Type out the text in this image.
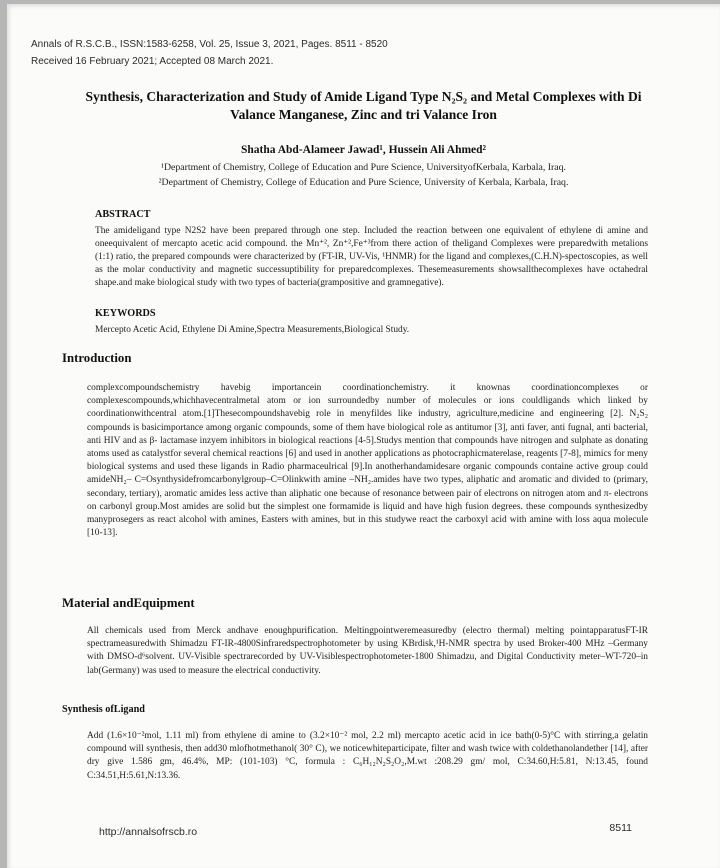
Annals of R.S.C.B., ISSN:1583-6258, Vol. 25, Issue 3, 2021, Pages. 8511 - 8520
Received 16 February 2021; Accepted 08 March 2021.
Synthesis, Characterization and Study of Amide Ligand Type N₂S₂ and Metal Complexes with Di Valance Manganese, Zinc and tri Valance Iron
Shatha Abd-Alameer Jawad¹, Hussein Ali Ahmed²
¹Department of Chemistry, College of Education and Pure Science, UniversityofKerbala, Karbala, Iraq.
²Department of Chemistry, College of Education and Pure Science, University of Kerbala, Karbala, Iraq.
ABSTRACT
The amideligand type N2S2 have been prepared through one step. Included the reaction between one equivalent of ethylene di amine and oneequivalent of mercapto acetic acid compound. the Mn⁺², Zn⁺²,Fe⁺³from there action of theligand Complexes were preparedwith metalions (1:1) ratio, the prepared compounds were characterized by (FT-IR, UV-Vis, ¹HNMR) for the ligand and complexes,(C.H.N)-spectoscopies, as well as the molar conductivity and magnetic successuptibility for preparedcomplexes. Thesemeasurements showsallthecomplexes have octahedral shape.and make biological study with two types of bacteria(grampositive and gramnegative).
KEYWORDS
Mercepto Acetic Acid, Ethylene Di Amine,Spectra Measurements,Biological Study.
Introduction
complexcompoundschemistry havebig importancein coordinationchemistry. it knownas coordinationcomplexes or complexescompounds,whichhavecentralmetal atom or ion surroundedby number of molecules or ions couldligands which linked by coordinationwithcentral atom.[1]Thesecompoundshavebig role in menyfildes like industry, agriculture,medicine and engineering [2]. N₂S₂ compounds is basicimportance among organic compounds, some of them have biological role as antitumor [3], anti faver, anti fugnal, anti bacterial, anti HIV and as β- lactamase inzyem inhibitors in biological reactions [4-5].Studys mention that compounds have nitrogen and sulphate as donating atoms used as catalystfor several chemical reactions [6] and used in another applications as photocraphicmaterelase, reagents [7-8], mimics for meny biological systems and used these ligands in Radio pharmaceulrical [9].In anotherhandamidesare organic compounds containe active group could amideNH₂– C=Osynthysidefromcarbonylgroup–C=Olinkwith amine –NH₂.amides have two types, aliphatic and aromatic and divided to (primary, secondary, tertiary), aromatic amides less active than aliphatic one because of resonance between pair of electrons on nitrogen atom and π- electrons on carbonyl group.Most amides are solid but the simplest one formamide is liquid and have high fusion degrees. these compounds synthesizedby manyprosegers as react alcohol with amines, Easters with amines, but in this studywe react the carboxyl acid with amine with loss aqua molecule [10-13].
Material andEquipment
All chemicals used from Merck andhave enoughpurification. Meltingpointweremeasuredby (electro thermal) melting pointapparatusFT-IR spectrameasuredwith Shimadzu FT-IR-4800Sinfraredspectrophotometer by using KBrdisk,¹H-NMR spectra by used Broker-400 MHz –Germany with DMSO-d⁶solvent. UV-Visible spectrarecorded by UV-Visiblespectrophotometer-1800 Shimadzu, and Digital Conductivity meter–WT-720–in lab(Germany) was used to measure the electrical conductivity.
Synthesis ofLigand
Add (1.6×10⁻²mol, 1.11 ml) from ethylene di amine to (3.2×10⁻² mol, 2.2 ml) mercapto acetic acid in ice bath(0-5)°C with stirring,a gelatin compound will synthesis, then add30 mlofhotmethanol( 30° C), we noticewhiteparticipate, filter and wash twice with coldethanolandether [14], after dry give 1.586 gm, 46.4%, MP: (101-103) °C, formula : C₆H₁₂N₂S₂O₂,M.wt :208.29 gm/ mol, C:34.60,H:5.81, N:13.45, found C:34.51,H:5.61,N:13.36.
http://annalsofrscb.ro	8511
